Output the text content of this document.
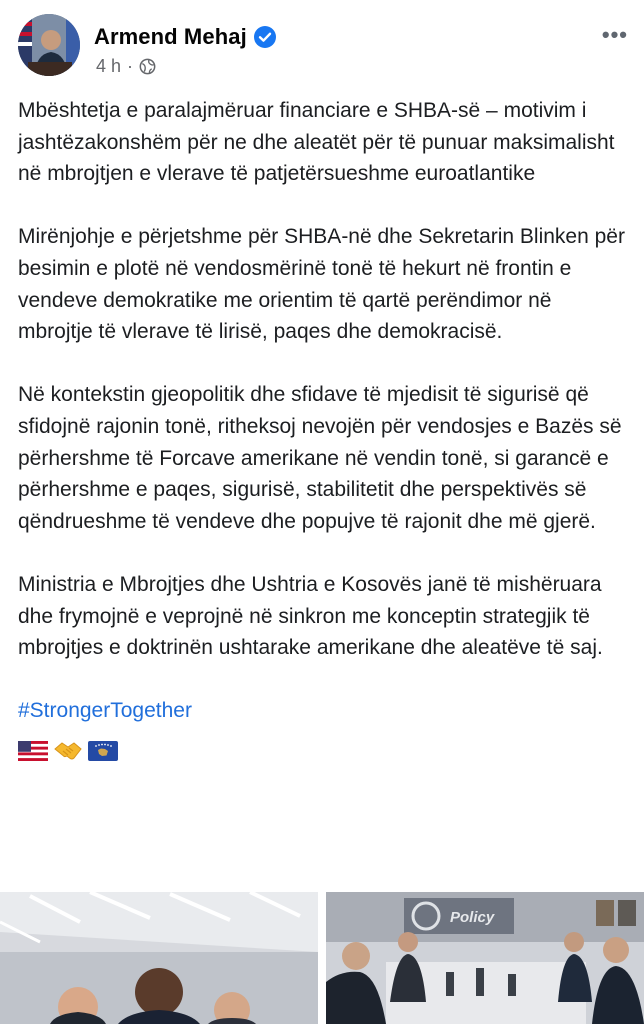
Armend Mehaj
4 h ·
•••

Mbështetja e paralajmëruar financiare e SHBA-së – motivim i jashtëzakonshëm për ne dhe aleatët për të punuar maksimalisht në mbrojtjen e vlerave të patjetërsueshme euroatlantike

Mirënjohje e përjetshme për SHBA-në dhe Sekretarin Blinken për besimin e plotë në vendosmërinë tonë të hekurt në frontin e vendeve demokratike me orientim të qartë perëndimor në mbrojtje të vlerave të lirisë, paqes dhe demokracisë.

Në kontekstin gjeopolitik dhe sfidave të mjedisit të sigurisë që sfidojnë rajonin tonë, ritheksoj nevojën për vendosjes e Bazës së përhershme të Forcave amerikane në vendin tonë, si garancë e përhershme e paqes, sigurisë, stabilitetit dhe perspektivës së qëndrueshme të vendeve dhe popujve të rajonit dhe më gjerë.

Ministria e Mbrojtjes dhe Ushtria e Kosovës janë të mishëruara dhe frymojnë e veprojnë në sinkron me konceptin strategjik të mbrojtjes e doktrinën ushtarake amerikane dhe aleatëve të saj.

#StrongerTogether
Policy
